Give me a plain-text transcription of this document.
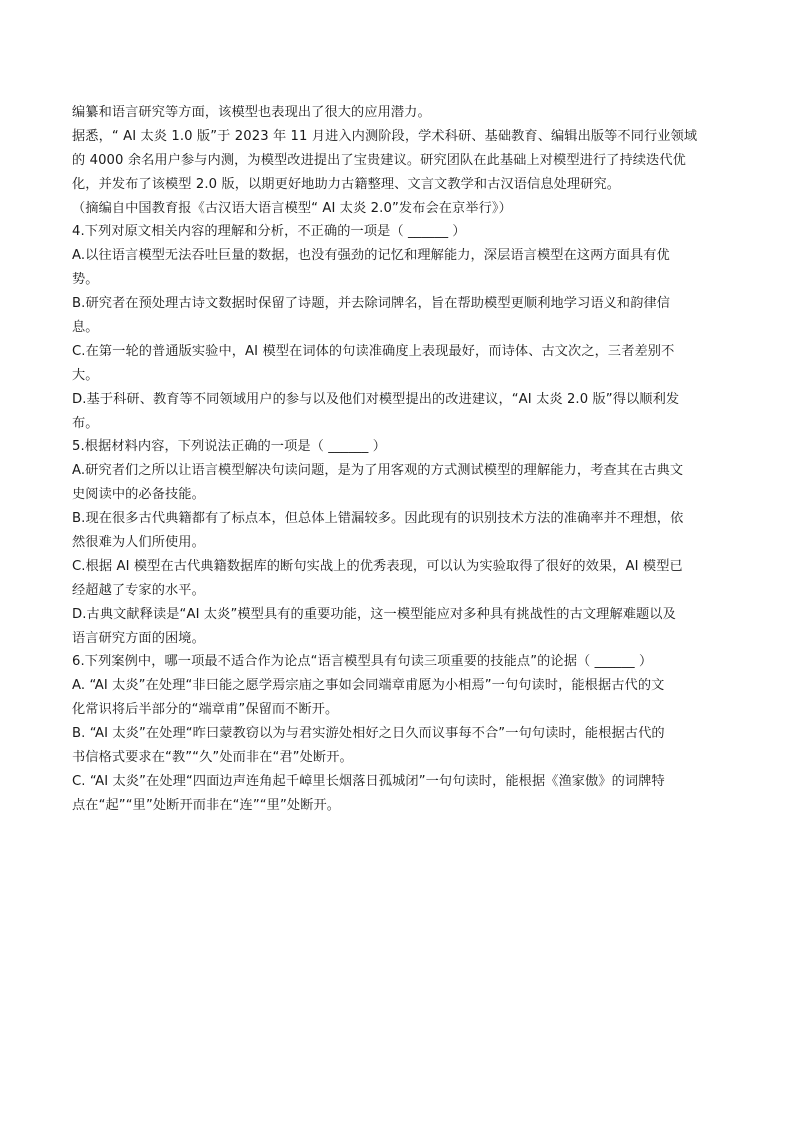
编纂和语言研究等方面，该模型也表现出了很大的应用潜力。
据悉，“ AI 太炎 1.0 版”于 2023 年 11 月进入内测阶段，学术科研、基础教育、编辑出版等不同行业领域
的 4000 余名用户参与内测，为模型改进提出了宝贵建议。研究团队在此基础上对模型进行了持续迭代优
化，并发布了该模型 2.0 版，以期更好地助力古籍整理、文言文教学和古汉语信息处理研究。
（摘编自中国教育报《古汉语大语言模型“ AI 太炎 2.0”发布会在京举行》）
4.下列对原文相关内容的理解和分析，不正确的一项是（ ______ ）
A.以往语言模型无法吞吐巨量的数据，也没有强劲的记忆和理解能力，深层语言模型在这两方面具有优
势。
B.研究者在预处理古诗文数据时保留了诗题，并去除词牌名，旨在帮助模型更顺利地学习语义和韵律信
息。
C.在第一轮的普通版实验中，AI 模型在词体的句读准确度上表现最好，而诗体、古文次之，三者差别不
大。
D.基于科研、教育等不同领域用户的参与以及他们对模型提出的改进建议，“AI 太炎 2.0 版”得以顺利发
布。
5.根据材料内容，下列说法正确的一项是（ ______ ）
A.研究者们之所以让语言模型解决句读问题，是为了用客观的方式测试模型的理解能力，考查其在古典文
史阅读中的必备技能。
B.现在很多古代典籍都有了标点本，但总体上错漏较多。因此现有的识别技术方法的准确率并不理想，依
然很难为人们所使用。
C.根据 AI 模型在古代典籍数据库的断句实战上的优秀表现，可以认为实验取得了很好的效果，AI 模型已
经超越了专家的水平。
D.古典文献释读是“AI 太炎”模型具有的重要功能，这一模型能应对多种具有挑战性的古文理解难题以及
语言研究方面的困境。
6.下列案例中，哪一项最不适合作为论点“语言模型具有句读三项重要的技能点”的论据（ ______ ）
A. “AI 太炎”在处理“非曰能之愿学焉宗庙之事如会同端章甫愿为小相焉”一句句读时，能根据古代的文
化常识将后半部分的“端章甫”保留而不断开。
B. “AI 太炎”在处理“昨曰蒙教窃以为与君实游处相好之日久而议事每不合”一句句读时，能根据古代的
书信格式要求在“教”“久”处而非在“君”处断开。
C. “AI 太炎”在处理“四面边声连角起千嶂里长烟落日孤城闭”一句句读时，能根据《渔家傲》的词牌特
点在“起”“里”处断开而非在“连”“里”处断开。
